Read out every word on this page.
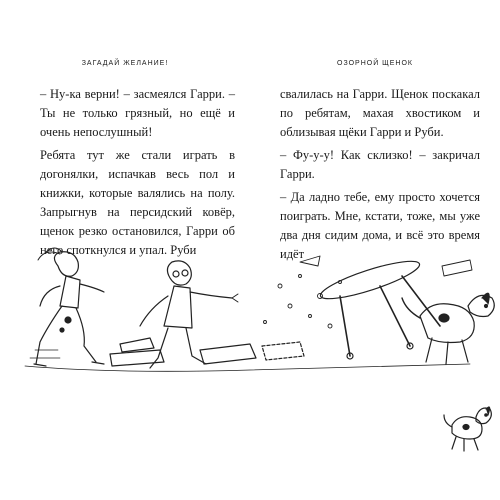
ЗАГАДАЙ ЖЕЛАНИЕ!

– Ну-ка верни! – засмеялся Гарри. – Ты не только грязный, но ещё и очень непослушный!

Ребята тут же стали играть в догонялки, испачкав весь пол и книжки, которые валялись на полу. Запрыгнув на персидский ковёр, щенок резко остановился, Гарри об него споткнулся и упал. Руби

ОЗОРНОЙ ЩЕНОК

свалилась на Гарри. Щенок поскакал по ребятам, махая хвостиком и облизывая щёки Гарри и Руби.

– Фу-у-у! Как склизко! – закричал Гарри.

– Да ладно тебе, ему просто хочется поиграть. Мне, кстати, тоже, мы уже два дня сидим дома, и всё это время идёт
